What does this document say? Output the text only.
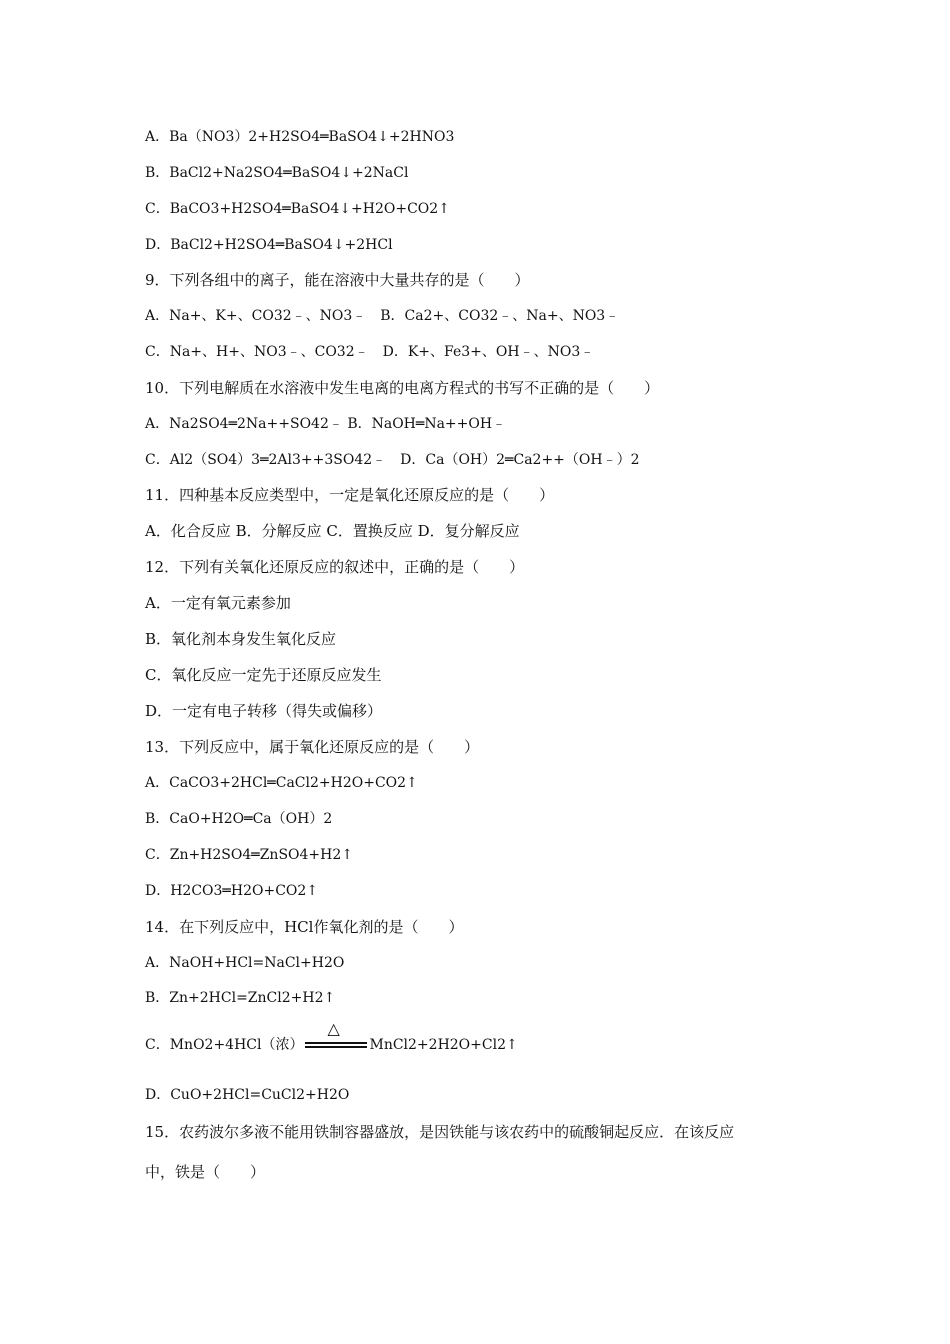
A．Ba（NO3）2+H2SO4═BaSO4↓+2HNO3
B．BaCl2+Na2SO4═BaSO4↓+2NaCl
C．BaCO3+H2SO4═BaSO4↓+H2O+CO2↑
D．BaCl2+H2SO4═BaSO4↓+2HCl
9．下列各组中的离子，能在溶液中大量共存的是（　　）
A．Na+、K+、CO32﹣、NO3﹣　B．Ca2+、CO32﹣、Na+、NO3﹣
C．Na+、H+、NO3﹣、CO32﹣　D．K+、Fe3+、OH﹣、NO3﹣
10．下列电解质在水溶液中发生电离的电离方程式的书写不正确的是（　　）
A．Na2SO4═2Na++SO42﹣ B．NaOH═Na++OH﹣
C．Al2（SO4）3═2Al3++3SO42﹣　D．Ca（OH）2═Ca2++（OH﹣）2
11．四种基本反应类型中，一定是氧化还原反应的是（　　）
A．化合反应 B．分解反应 C．置换反应 D．复分解反应
12．下列有关氧化还原反应的叙述中，正确的是（　　）
A．一定有氧元素参加
B．氧化剂本身发生氧化反应
C．氧化反应一定先于还原反应发生
D．一定有电子转移（得失或偏移）
13．下列反应中，属于氧化还原反应的是（　　）
A．CaCO3+2HCl═CaCl2+H2O+CO2↑
B．CaO+H2O═Ca（OH）2
C．Zn+H2SO4═ZnSO4+H2↑
D．H2CO3═H2O+CO2↑
14．在下列反应中，HCl作氧化剂的是（　　）
A．NaOH+HCl=NaCl+H2O
B．Zn+2HCl=ZnCl2+H2↑
C．MnO2+4HCl（浓）
△
MnCl2+2H2O+Cl2↑
D．CuO+2HCl=CuCl2+H2O
15．农药波尔多液不能用铁制容器盛放，是因铁能与该农药中的硫酸铜起反应．在该反应
中，铁是（　　）
